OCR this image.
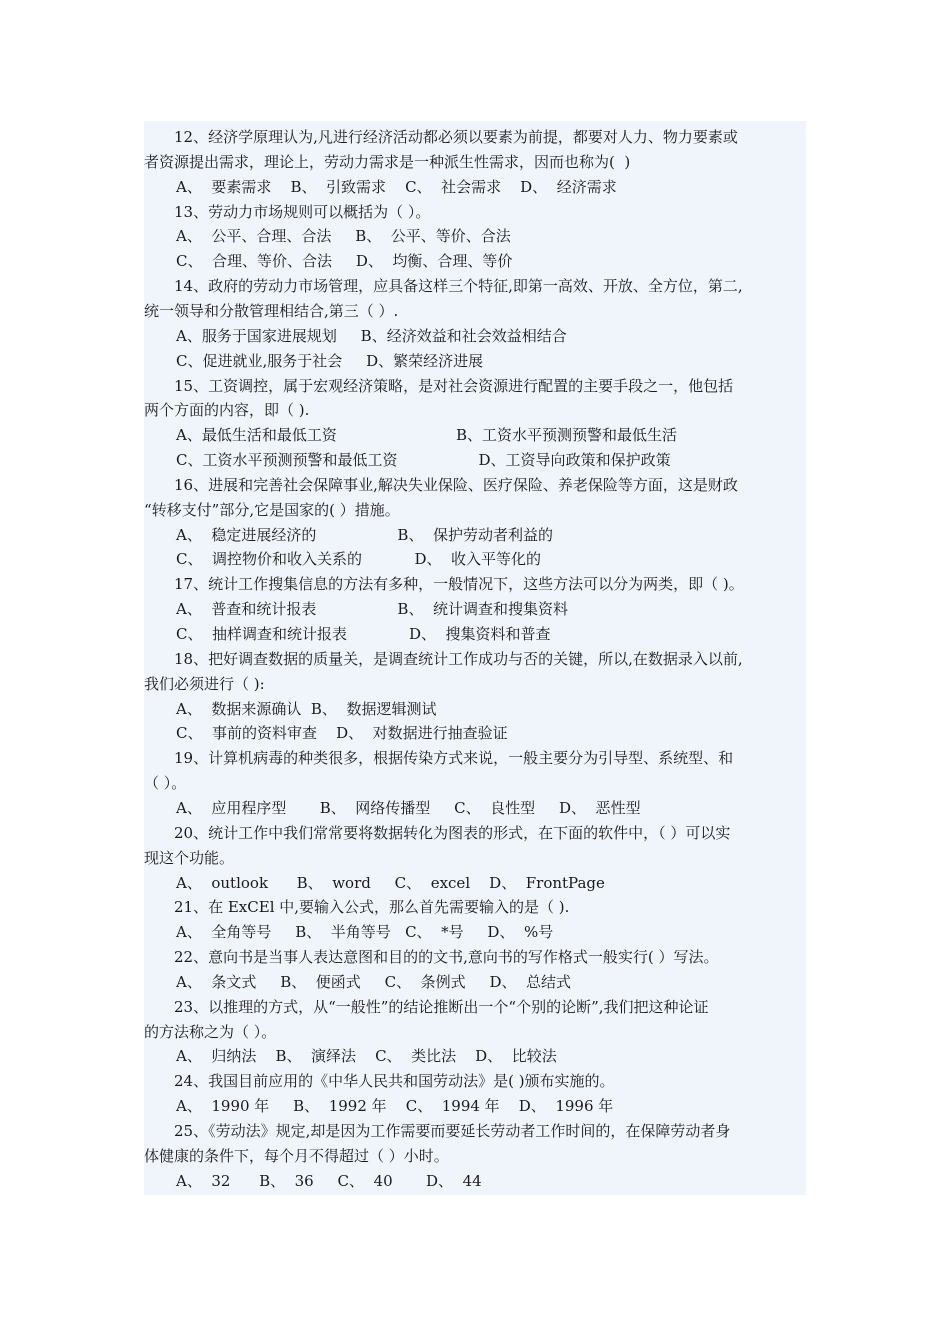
12、经济学原理认为,凡进行经济活动都必须以要素为前提，都要对人力、物力要素或
者资源提出需求，理论上，劳动力需求是一种派生性需求，因而也称为(  )
A、  要素需求    B、  引致需求    C、  社会需求    D、  经济需求
13、劳动力市场规则可以概括为（ ）。
A、  公平、合理、合法     B、  公平、等价、合法
C、  合理、等价、合法     D、  均衡、合理、等价
14、政府的劳动力市场管理，应具备这样三个特征,即第一高效、开放、全方位，第二,
统一领导和分散管理相结合,第三（ ）.
A、服务于国家进展规划     B、经济效益和社会效益相结合
C、促进就业,服务于社会     D、繁荣经济进展
15、工资调控，属于宏观经济策略，是对社会资源进行配置的主要手段之一，他包括
两个方面的内容，即（ ).
A、最低生活和最低工资                         B、工资水平预测预警和最低生活
C、工资水平预测预警和最低工资                 D、工资导向政策和保护政策
16、进展和完善社会保障事业,解决失业保险、医疗保险、养老保险等方面，这是财政
“转移支付”部分,它是国家的( ）措施。
A、  稳定进展经济的                 B、  保护劳动者利益的
C、  调控物价和收入关系的           D、  收入平等化的
17、统计工作搜集信息的方法有多种，一般情况下，这些方法可以分为两类，即（ )。
A、  普查和统计报表                 B、  统计调查和搜集资料
C、  抽样调查和统计报表             D、  搜集资料和普查
18、把好调查数据的质量关，是调查统计工作成功与否的关键，所以,在数据录入以前,
我们必须进行（ ):
A、  数据来源确认  B、  数据逻辑测试
C、  事前的资料审查    D、  对数据进行抽查验证
19、计算机病毒的种类很多，根据传染方式来说，一般主要分为引导型、系统型、和
（ ）。
A、  应用程序型       B、  网络传播型     C、  良性型     D、  恶性型
20、统计工作中我们常常要将数据转化为图表的形式，在下面的软件中，（ ）可以实
现这个功能。
A、  outlook      B、  word     C、  excel    D、  FrontPage
21、在 ExCEl 中,要输入公式，那么首先需要输入的是（ ).
A、  全角等号     B、  半角等号   C、  *号     D、  %号
22、意向书是当事人表达意图和目的的文书,意向书的写作格式一般实行( ）写法。
A、  条文式     B、  便函式     C、  条例式     D、  总结式
23、以推理的方式，从“一般性”的结论推断出一个“个别的论断”,我们把这种论证
的方法称之为（ ）。
A、  归纳法    B、  演绎法    C、  类比法    D、  比较法
24、我国目前应用的《中华人民共和国劳动法》是( )颁布实施的。
A、  1990 年     B、  1992 年    C、  1994 年    D、  1996 年
25、《劳动法》规定,却是因为工作需要而要延长劳动者工作时间的，在保障劳动者身
体健康的条件下，每个月不得超过（ ）小时。
A、  32      B、  36     C、  40       D、  44
